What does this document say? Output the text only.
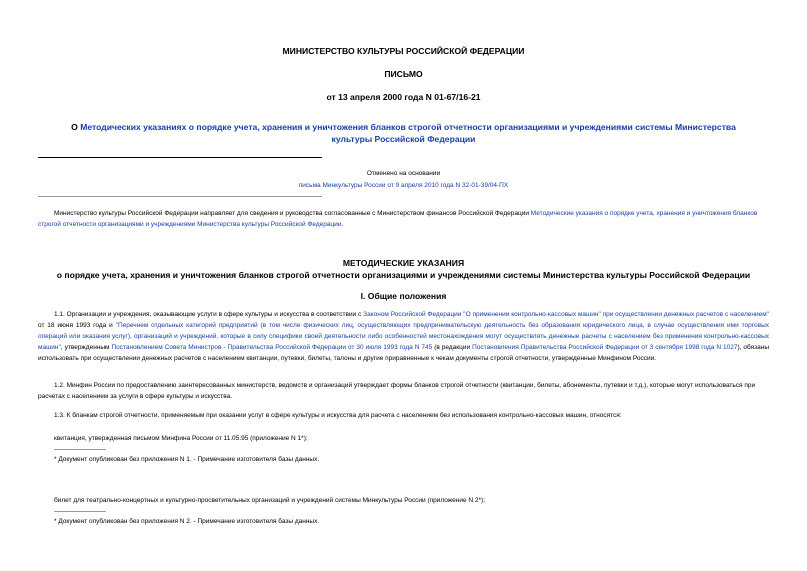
МИНИСТЕРСТВО КУЛЬТУРЫ РОССИЙСКОЙ ФЕДЕРАЦИИ
ПИСЬМО
от 13 апреля 2000 года N 01-67/16-21
О Методических указаниях о порядке учета, хранения и уничтожения бланков строгой отчетности организациями и учреждениями системы Министерства культуры Российской Федерации
Отменено на основании
письма Минкультуры России от 9 апреля 2010 года N 32-01-39/04-ПХ
Министерство культуры Российской Федерации направляет для сведения и руководства согласованные с Министерством финансов Российской Федерации Методические указания о порядке учета, хранения и уничтожения бланков строгой отчетности организациями и учреждениями Министерства культуры Российской Федерации.
МЕТОДИЧЕСКИЕ УКАЗАНИЯ
о порядке учета, хранения и уничтожения бланков строгой отчетности организациями и учреждениями системы Министерства культуры Российской Федерации
I. Общие положения
1.1. Организации и учреждения, оказывающие услуги в сфере культуры и искусства в соответствии с Законом Российской Федерации "О применении контрольно-кассовых машин" при осуществлении денежных расчетов с населением" от 18 июня 1993 года и "Перечнем отдельных категорий предприятий (в том числе физических лиц, осуществляющих предпринимательскую деятельность без образования юридического лица, в случае осуществления ими торговых операций или оказания услуг), организаций и учреждений, которые в силу специфики своей деятельности либо особенностей местонахождения могут осуществлять денежные расчеты с населением без применения контрольно-кассовых машин", утвержденным Постановлением Совета Министров - Правительства Российской Федерации от 30 июля 1993 года N 745 (в редакции Постановления Правительства Российской Федерации от 3 сентября 1998 года N 1027), обязаны использовать при осуществлении денежных расчетов с населением квитанции, путевки, билеты, талоны и другие приравненные к чекам документы строгой отчетности, утвержденные Минфином России.
1.2. Минфин России по предоставлению заинтересованных министерств, ведомств и организаций утверждает формы бланков строгой отчетности (квитанции, билеты, абонементы, путевки и т.д.), которые могут использоваться при расчетах с населением за услуги в сфере культуры и искусства.
1.3. К бланкам строгой отчетности, применяемым при оказании услуг в сфере культуры и искусства для расчета с населением без использования контрольно-кассовых машин, относятся:
квитанция, утвержденная письмом Минфина России от 11.05.95 (приложение N 1*);
* Документ опубликован без приложения N 1. - Примечание изготовителя базы данных.
билет для театрально-концертных и культурно-просветительных организаций и учреждений системы Минкультуры России (приложение N 2*);
* Документ опубликован без приложения N 2. - Примечание изготовителя базы данных.
